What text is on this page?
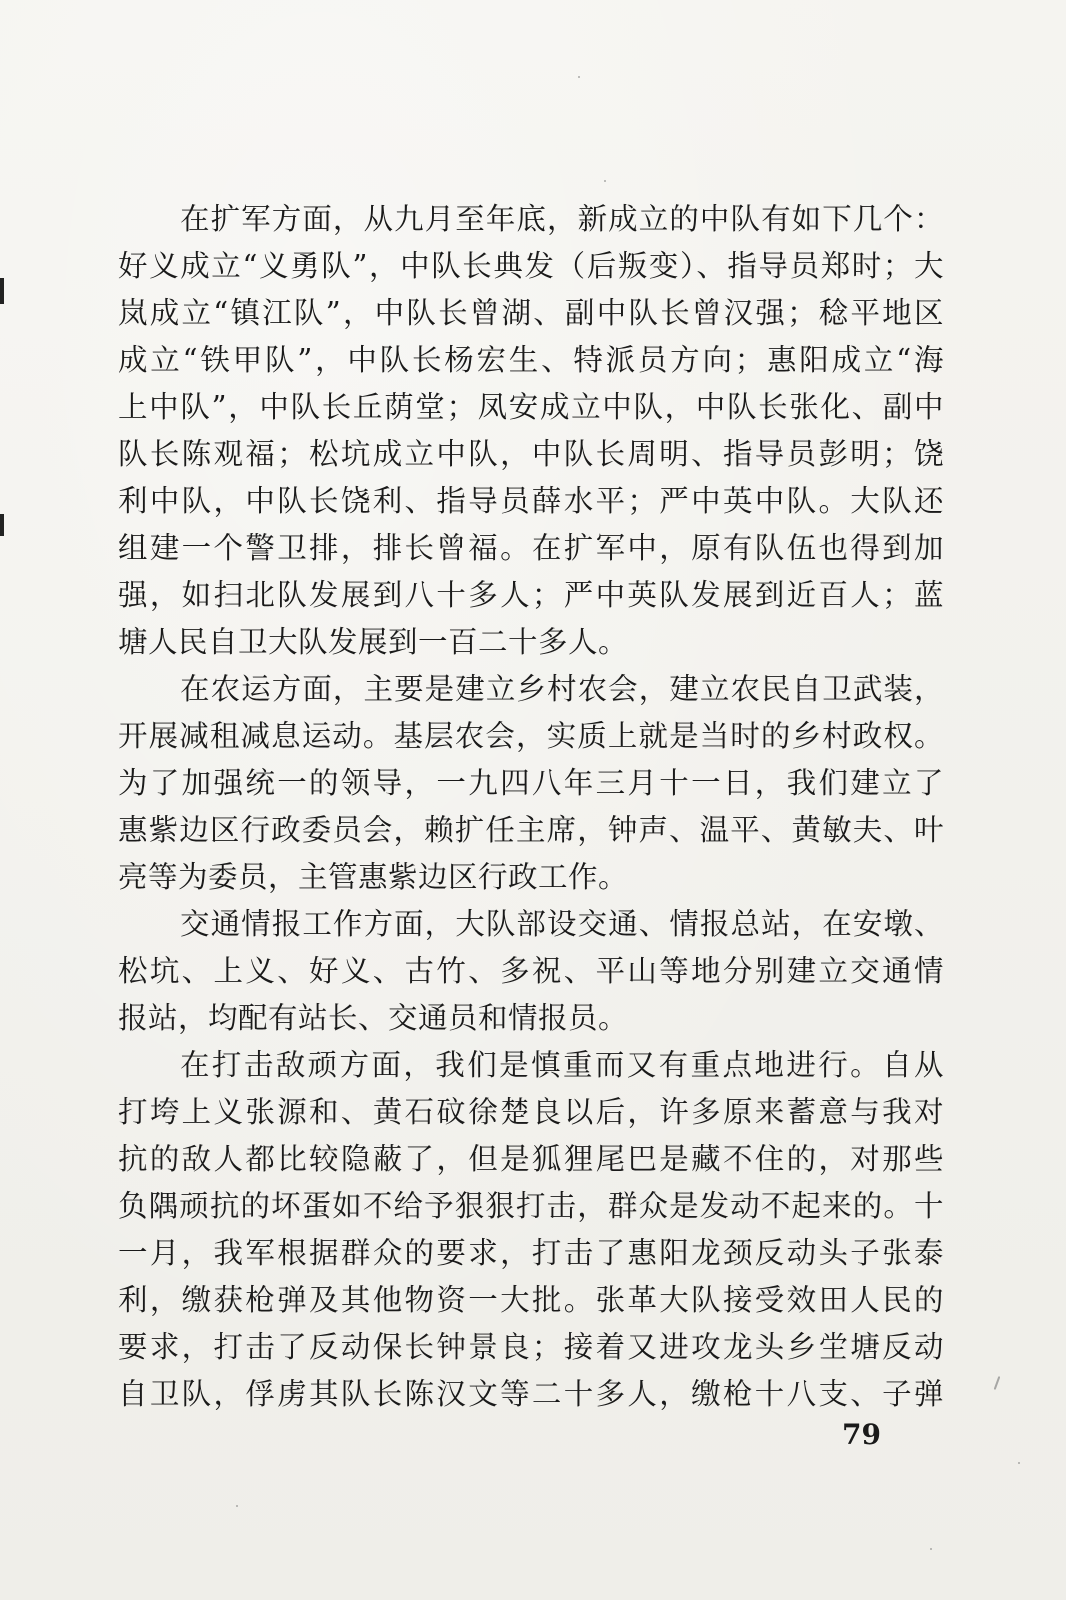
在扩军方面，从九月至年底，新成立的中队有如下几个：
好义成立“义勇队”，中队长典发（后叛变）、指导员郑时；大
岚成立“镇江队”，中队长曾湖、副中队长曾汉强；稔平地区
成立“铁甲队”，中队长杨宏生、特派员方向；惠阳成立“海
上中队”，中队长丘荫堂；凤安成立中队，中队长张化、副中
队长陈观福；松坑成立中队，中队长周明、指导员彭明；饶
利中队，中队长饶利、指导员薛水平；严中英中队。大队还
组建一个警卫排，排长曾福。在扩军中，原有队伍也得到加
强，如扫北队发展到八十多人；严中英队发展到近百人；蓝
塘人民自卫大队发展到一百二十多人。
在农运方面，主要是建立乡村农会，建立农民自卫武装，
开展减租减息运动。基层农会，实质上就是当时的乡村政权。
为了加强统一的领导，一九四八年三月十一日，我们建立了
惠紫边区行政委员会，赖扩任主席，钟声、温平、黄敏夫、叶
亮等为委员，主管惠紫边区行政工作。
交通情报工作方面，大队部设交通、情报总站，在安墩、
松坑、上义、好义、古竹、多祝、平山等地分别建立交通情
报站，均配有站长、交通员和情报员。
在打击敌顽方面，我们是慎重而又有重点地进行。自从
打垮上义张源和、黄石砇徐楚良以后，许多原来蓄意与我对
抗的敌人都比较隐蔽了，但是狐狸尾巴是藏不住的，对那些
负隅顽抗的坏蛋如不给予狠狠打击，群众是发动不起来的。十
一月，我军根据群众的要求，打击了惠阳龙颈反动头子张泰
利，缴获枪弹及其他物资一大批。张革大队接受效田人民的
要求，打击了反动保长钟景良；接着又进攻龙头乡坣塘反动
自卫队，俘虏其队长陈汉文等二十多人，缴枪十八支、子弹
79
